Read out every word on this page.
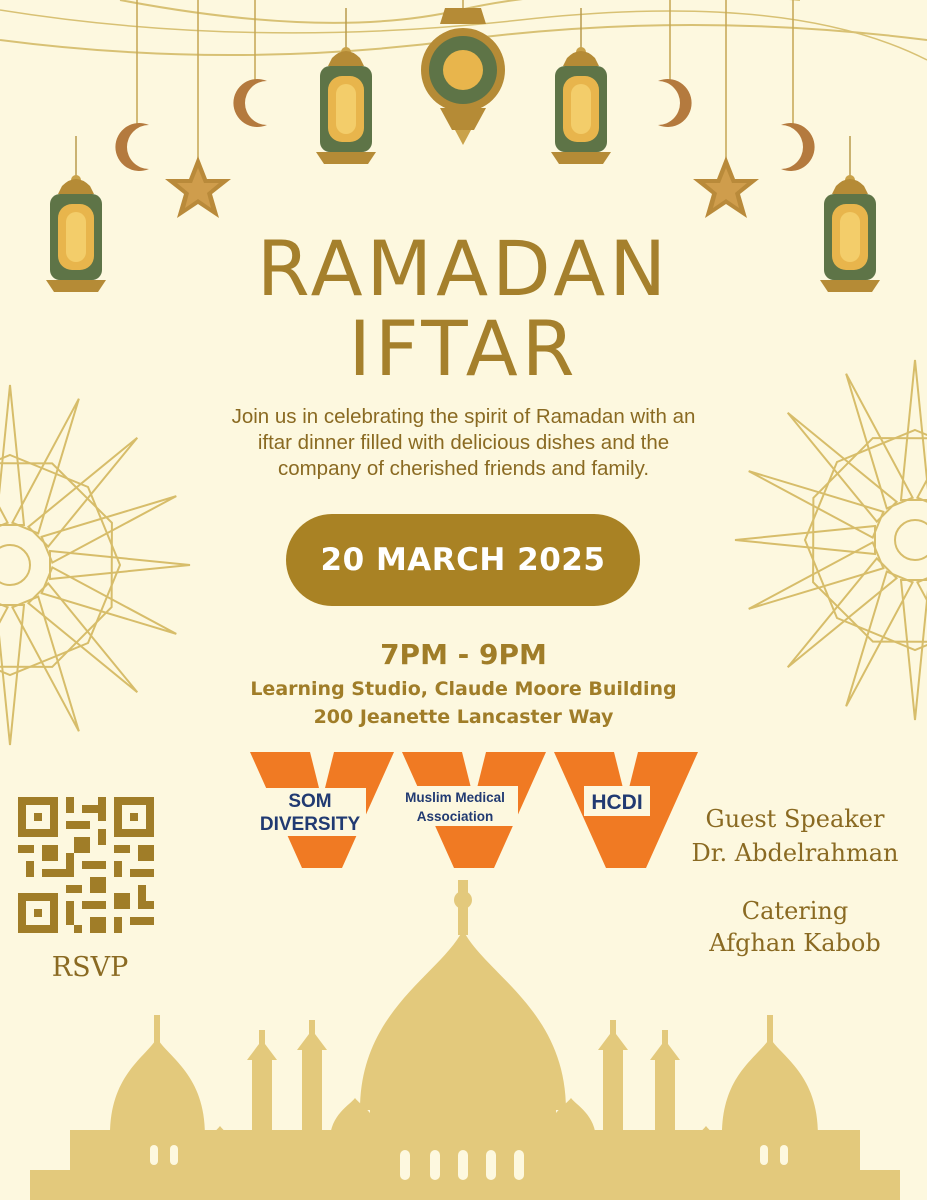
RAMADAN
IFTAR
Join us in celebrating the spirit of Ramadan with an
iftar dinner filled with delicious dishes and the
company of cherished friends and family.
20 MARCH 2025
7PM - 9PM
Learning Studio, Claude Moore Building
200 Jeanette Lancaster Way
SOM
DIVERSITY
Muslim Medical
Association
HCDI
Guest Speaker
Dr. Abdelrahman
Catering
Afghan Kabob
RSVP
